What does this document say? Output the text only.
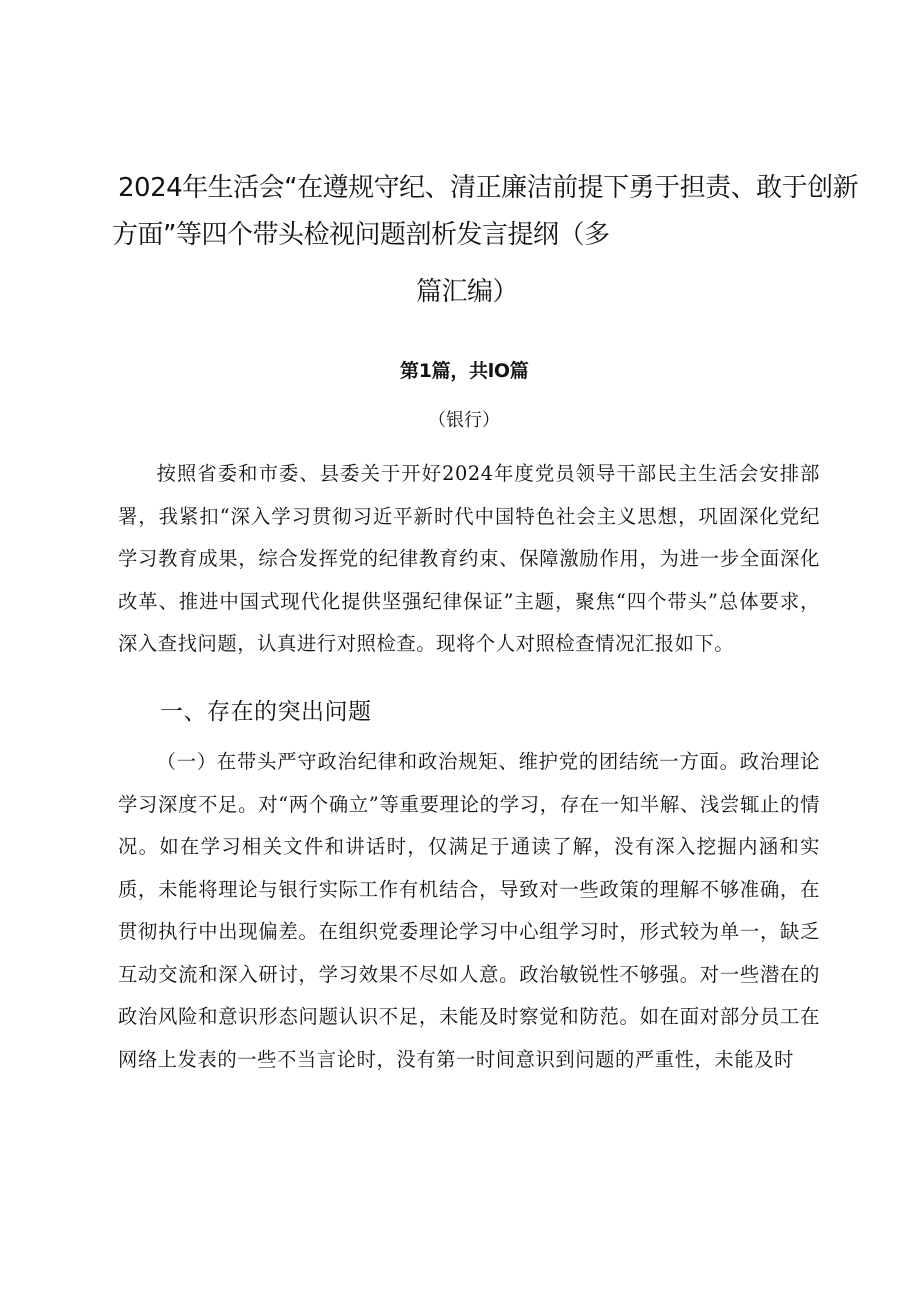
2024年生活会“在遵规守纪、清正廉洁前提下勇于担责、敢于创新
方面”等四个带头检视问题剖析发言提纲（多
篇汇编）
第1篇，共lO篇
（银行）

按照省委和市委、县委关于开好2024年度党员领导干部民主生活会安排部署，我紧扣“深入学习贯彻习近平新时代中国特色社会主义思想，巩固深化党纪学习教育成果，综合发挥党的纪律教育约束、保障激励作用，为进一步全面深化改革、推进中国式现代化提供坚强纪律保证”主题，聚焦“四个带头”总体要求，深入查找问题，认真进行对照检查。现将个人对照检查情况汇报如下。

一、存在的突出问题

（一）在带头严守政治纪律和政治规矩、维护党的团结统一方面。政治理论学习深度不足。对“两个确立”等重要理论的学习，存在一知半解、浅尝辄止的情况。如在学习相关文件和讲话时，仅满足于通读了解，没有深入挖掘内涵和实质，未能将理论与银行实际工作有机结合，导致对一些政策的理解不够准确，在贯彻执行中出现偏差。在组织党委理论学习中心组学习时，形式较为单一，缺乏互动交流和深入研讨，学习效果不尽如人意。政治敏锐性不够强。对一些潜在的政治风险和意识形态问题认识不足，未能及时察觉和防范。如在面对部分员工在网络上发表的一些不当言论时，没有第一时间意识到问题的严重性，未能及时
